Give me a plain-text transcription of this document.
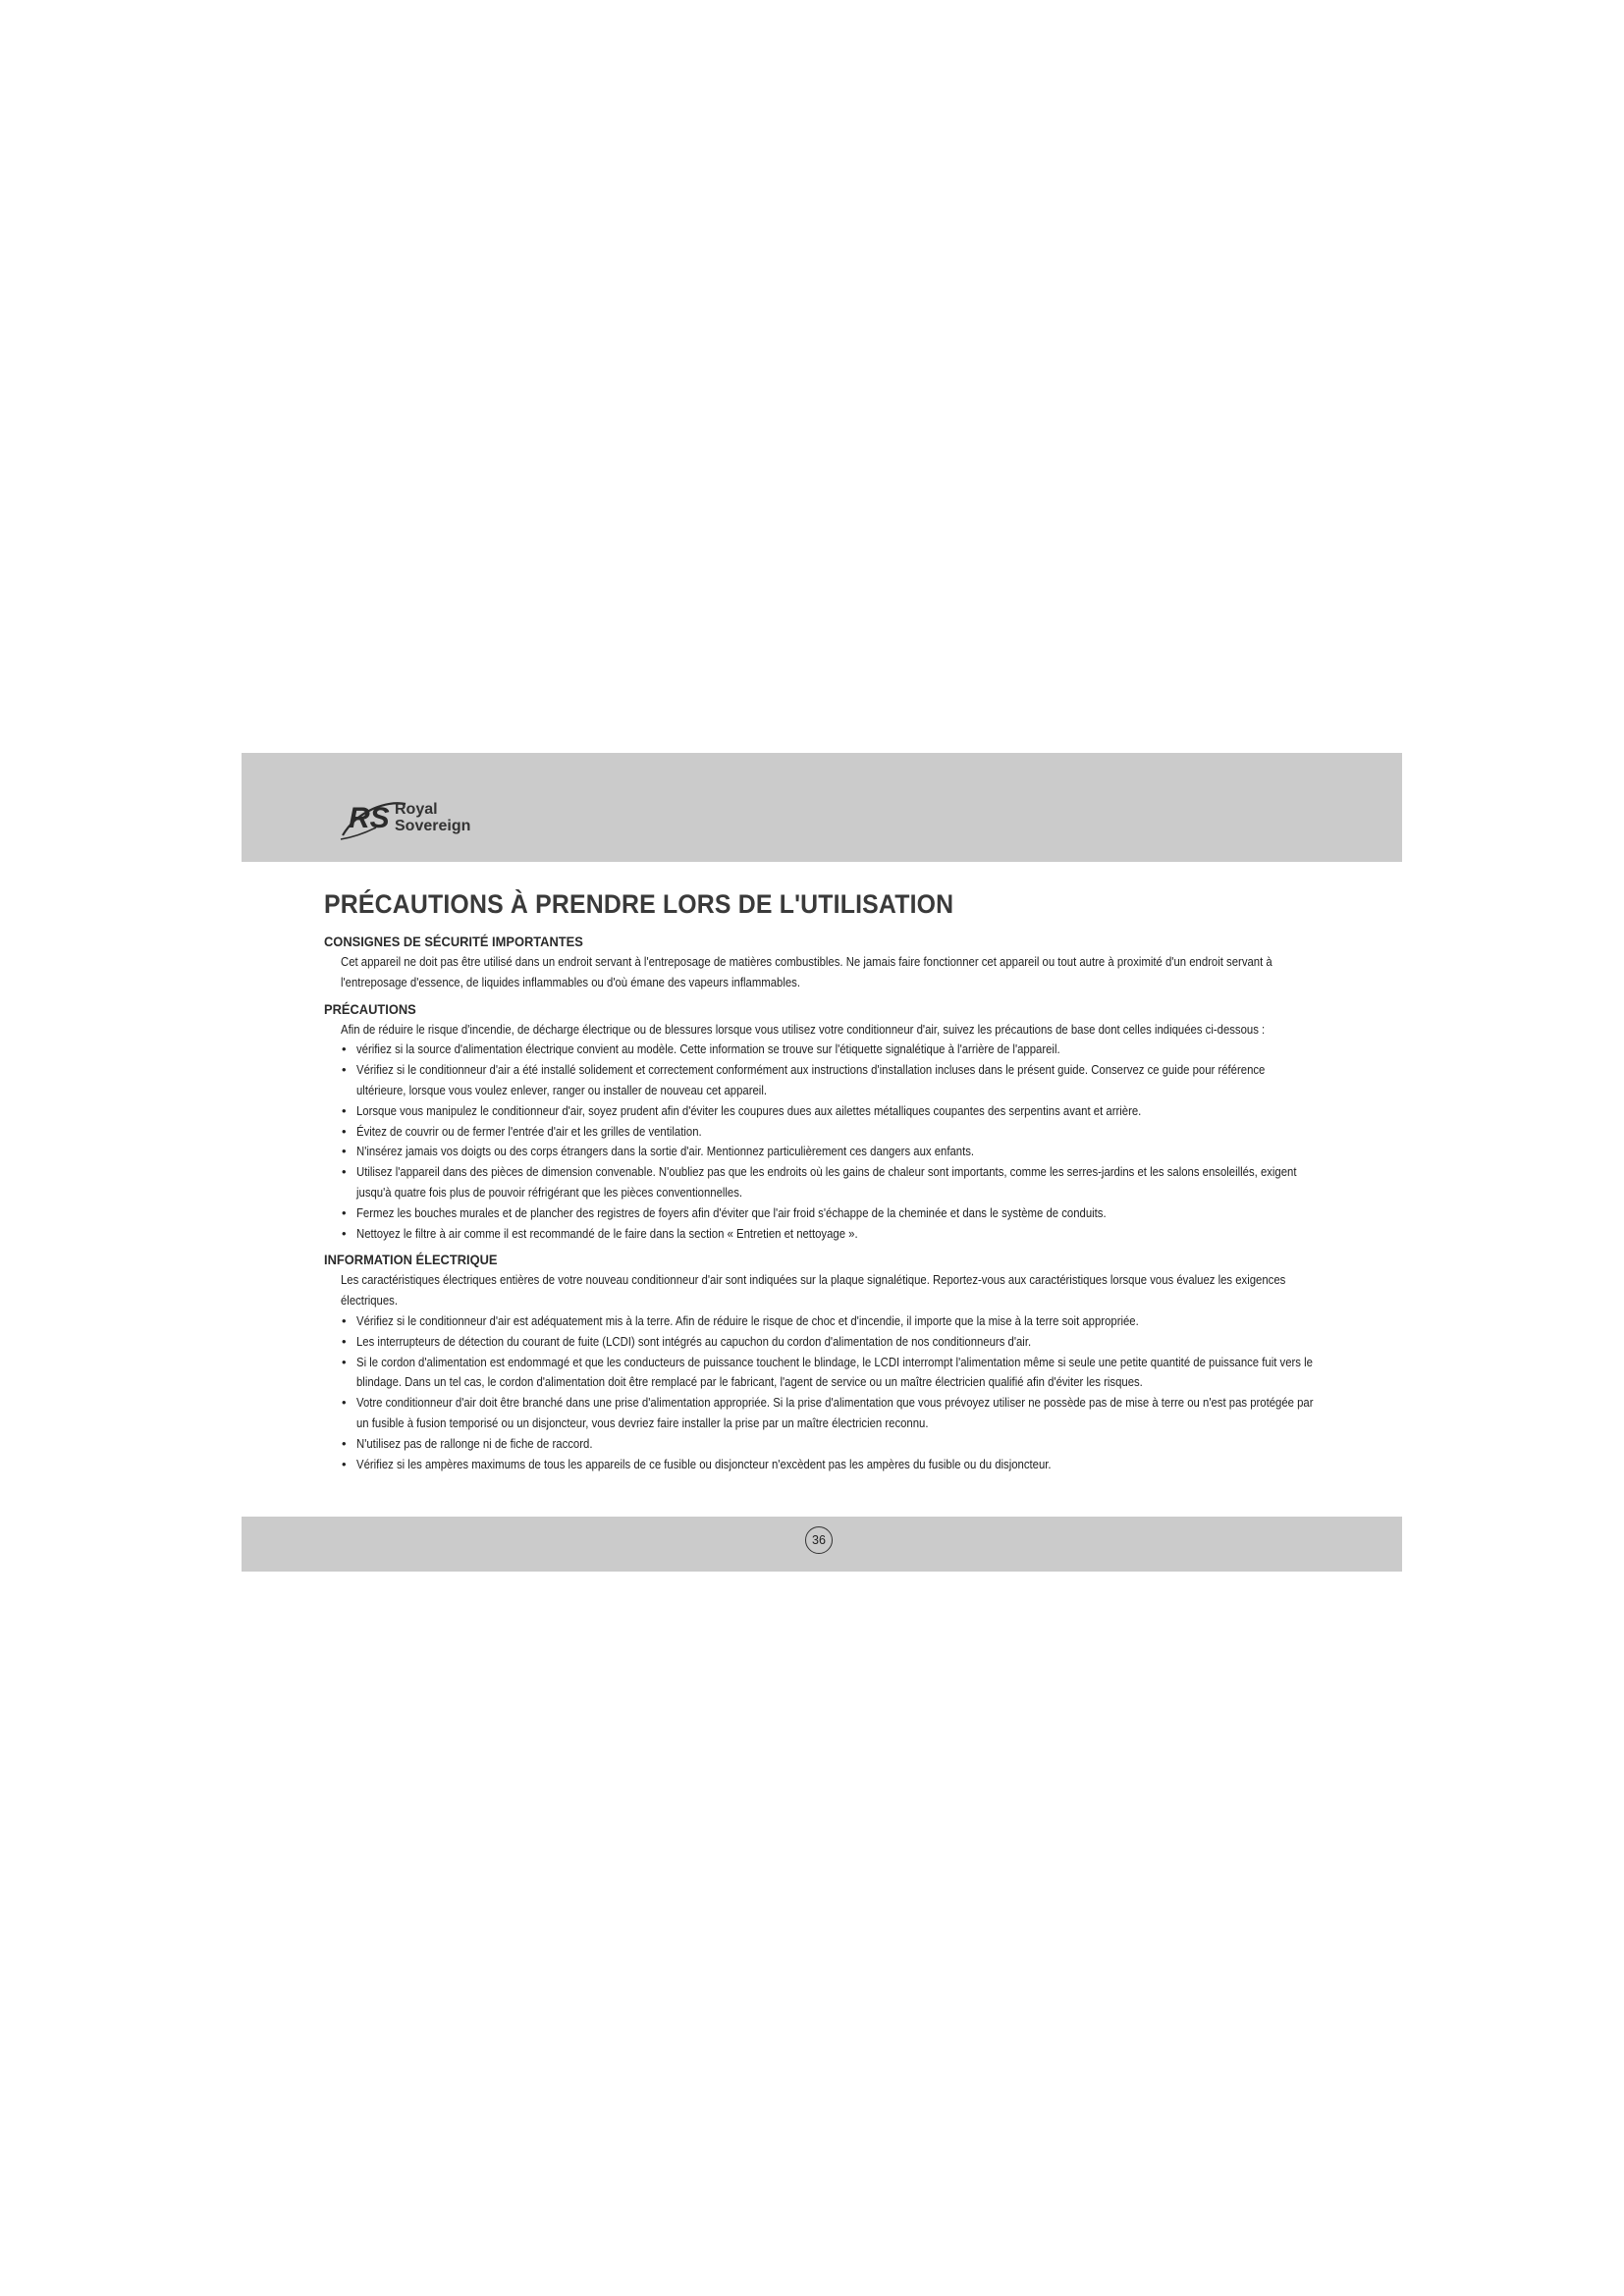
RS Royal
Sovereign
PRÉCAUTIONS À PRENDRE LORS DE L'UTILISATION
CONSIGNES DE SÉCURITÉ IMPORTANTES

Cet appareil ne doit pas être utilisé dans un endroit servant à l'entreposage de matières combustibles. Ne jamais faire fonctionner cet appareil ou tout autre à proximité d'un endroit servant à l'entreposage d'essence, de liquides inflammables ou d'où émane des vapeurs inflammables.

PRÉCAUTIONS

Afin de réduire le risque d'incendie, de décharge électrique ou de blessures lorsque vous utilisez votre conditionneur d'air, suivez les précautions de base dont celles indiquées ci-dessous :

• vérifiez si la source d'alimentation électrique convient au modèle. Cette information se trouve sur l'étiquette signalétique à l'arrière de l'appareil.
• Vérifiez si le conditionneur d'air a été installé solidement et correctement conformément aux instructions d'installation incluses dans le présent guide. Conservez ce guide pour référence ultérieure, lorsque vous voulez enlever, ranger ou installer de nouveau cet appareil.
• Lorsque vous manipulez le conditionneur d'air, soyez prudent afin d'éviter les coupures dues aux ailettes métalliques coupantes des serpentins avant et arrière.
• Évitez de couvrir ou de fermer l'entrée d'air et les grilles de ventilation.
• N'insérez jamais vos doigts ou des corps étrangers dans la sortie d'air. Mentionnez particulièrement ces dangers aux enfants.
• Utilisez l'appareil dans des pièces de dimension convenable. N'oubliez pas que les endroits où les gains de chaleur sont importants, comme les serres-jardins et les salons ensoleillés, exigent jusqu'à quatre fois plus de pouvoir réfrigérant que les pièces conventionnelles.
• Fermez les bouches murales et de plancher des registres de foyers afin d'éviter que l'air froid s'échappe de la cheminée et dans le système de conduits.
• Nettoyez le filtre à air comme il est recommandé de le faire dans la section « Entretien et nettoyage ».
INFORMATION ÉLECTRIQUE

Les caractéristiques électriques entières de votre nouveau conditionneur d'air sont indiquées sur la plaque signalétique. Reportez-vous aux caractéristiques lorsque vous évaluez les exigences électriques.

• Vérifiez si le conditionneur d'air est adéquatement mis à la terre. Afin de réduire le risque de choc et d'incendie, il importe que la mise à la terre soit appropriée.
• Les interrupteurs de détection du courant de fuite (LCDI) sont intégrés au capuchon du cordon d'alimentation de nos conditionneurs d'air.
• Si le cordon d'alimentation est endommagé et que les conducteurs de puissance touchent le blindage, le LCDI interrompt l'alimentation même si seule une petite quantité de puissance fuit vers le blindage. Dans un tel cas, le cordon d'alimentation doit être remplacé par le fabricant, l'agent de service ou un maître électricien qualifié afin d'éviter les risques.
• Votre conditionneur d'air doit être branché dans une prise d'alimentation appropriée. Si la prise d'alimentation que vous prévoyez utiliser ne possède pas de mise à terre ou n'est pas protégée par un fusible à fusion temporisé ou un disjoncteur, vous devriez faire installer la prise par un maître électricien reconnu.
• N'utilisez pas de rallonge ni de fiche de raccord.
• Vérifiez si les ampères maximums de tous les appareils de ce fusible ou disjoncteur n'excèdent pas les ampères du fusible ou du disjoncteur.
36
